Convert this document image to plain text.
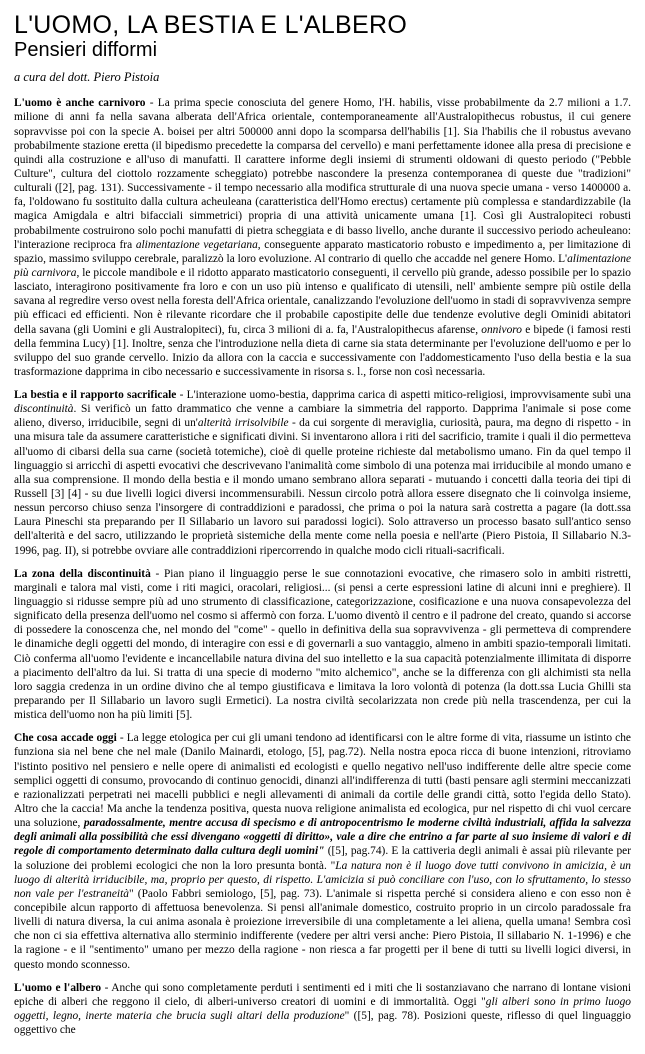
L'UOMO, LA BESTIA E L'ALBERO
Pensieri difformi
a cura del dott. Piero Pistoia

L'uomo è anche carnivoro - La prima specie conosciuta del genere Homo, l'H. habilis, visse probabilmente da 2.7 milioni a 1.7. milione di anni fa nella savana alberata dell'Africa orientale, contemporaneamente all'Australopithecus robustus, il cui genere sopravvisse poi con la specie A. boisei per altri 500000 anni dopo la scomparsa dell'habilis [1]. Sia l'habilis che il robustus avevano probabilmente stazione eretta (il bipedismo precedette la comparsa del cervello) e mani perfettamente idonee alla presa di precisione e quindi alla costruzione e all'uso di manufatti. Il carattere informe degli insiemi di strumenti oldowani di questo periodo ("Pebble Culture", cultura del ciottolo rozzamente scheggiato) potrebbe nascondere la presenza contemporanea di queste due "tradizioni" culturali ([2], pag. 131). Successivamente - il tempo necessario alla modifica strutturale di una nuova specie umana - verso 1400000 a. fa, l'oldowano fu sostituito dalla cultura acheuleana (caratteristica dell'Homo erectus) certamente più complessa e standardizzabile (la magica Amigdala e altri bifacciali simmetrici) propria di una attività unicamente umana [1]. Così gli Australopiteci robusti probabilmente costruirono solo pochi manufatti di pietra scheggiata e di basso livello, anche durante il successivo periodo acheuleano: l'interazione reciproca fra alimentazione vegetariana, conseguente apparato masticatorio robusto e impedimento a, per limitazione di spazio, massimo sviluppo cerebrale, paralizzò la loro evoluzione. Al contrario di quello che accadde nel genere Homo. L'alimentazione più carnivora, le piccole mandibole e il ridotto apparato masticatorio conseguenti, il cervello più grande, adesso possibile per lo spazio lasciato, interagirono positivamente fra loro e con un uso più intenso e qualificato di utensili, nell' ambiente sempre più ostile della savana al regredire verso ovest nella foresta dell'Africa orientale, canalizzando l'evoluzione dell'uomo in stadi di sopravvivenza sempre più efficaci ed efficienti. Non è rilevante ricordare che il probabile capostipite delle due tendenze evolutive degli Ominidi abitatori della savana (gli Uomini e gli Australopiteci), fu, circa 3 milioni di a. fa, l'Australopithecus afarense, onnivoro e bipede (i famosi resti della femmina Lucy) [1]. Inoltre, senza che l'introduzione nella dieta di carne sia stata determinante per l'evoluzione dell'uomo e per lo sviluppo del suo grande cervello. Inizio da allora con la caccia e successivamente con l'addomesticamento l'uso della bestia e la sua trasformazione dapprima in cibo necessario e successivamente in risorsa s. l., forse non così necessaria.

La bestia e il rapporto sacrificale - L'interazione uomo-bestia, dapprima carica di aspetti mitico-religiosi, improvvisamente subì una discontinuità. Si verificò un fatto drammatico che venne a cambiare la simmetria del rapporto. Dapprima l'animale si pose come alieno, diverso, irriducibile, segni di un'alterità irrisolvibile - da cui sorgente di meraviglia, curiosità, paura, ma degno di rispetto - in una misura tale da assumere caratteristiche e significati divini. Si inventarono allora i riti del sacrificio, tramite i quali il dio permetteva all'uomo di cibarsi della sua carne (società totemiche), cioè di quelle proteine richieste dal metabolismo umano. Fin da quel tempo il linguaggio si arricchì di aspetti evocativi che descrivevano l'animalità come simbolo di una potenza mai irriducibile al mondo umano e alla sua comprensione. Il mondo della bestia e il mondo umano sembrano allora separati - mutuando i concetti dalla teoria dei tipi di Russell [3] [4] - su due livelli logici diversi incommensurabili. Nessun circolo potrà allora essere disegnato che li coinvolga insieme, nessun percorso chiuso senza l'insorgere di contraddizioni e paradossi, che prima o poi la natura sarà costretta a pagare (la dott.ssa Laura Pineschi sta preparando per Il Sillabario un lavoro sui paradossi logici). Solo attraverso un processo basato sull'antico senso dell'alterità e del sacro, utilizzando le proprietà sistemiche della mente come nella poesia e nell'arte (Piero Pistoia, Il Sillabario N.3-1996, pag. II), si potrebbe ovviare alle contraddizioni ripercorrendo in qualche modo cicli rituali-sacrificali.

La zona della discontinuità - Pian piano il linguaggio perse le sue connotazioni evocative, che rimasero solo in ambiti ristretti, marginali e talora mal visti, come i riti magici, oracolari, religiosi... (si pensi a certe espressioni latine di alcuni inni e preghiere). Il linguaggio si ridusse sempre più ad uno strumento di classificazione, categorizzazione, cosificazione e una nuova consapevolezza del significato della presenza dell'uomo nel cosmo si affermò con forza. L'uomo diventò il centro e il padrone del creato, quando si accorse di possedere la conoscenza che, nel mondo del "come" - quello in definitiva della sua sopravvivenza - gli permetteva di comprendere le dinamiche degli oggetti del mondo, di interagire con essi e di governarli a suo vantaggio, almeno in ambiti spazio-temporali limitati. Ciò conferma all'uomo l'evidente e incancellabile natura divina del suo intelletto e la sua capacità potenzialmente illimitata di disporre a piacimento dell'altro da lui. Si tratta di una specie di moderno "mito alchemico", anche se la differenza con gli alchimisti sta nella loro saggia credenza in un ordine divino che al tempo giustificava e limitava la loro volontà di potenza (la dott.ssa Lucia Ghilli sta preparando per Il Sillabario un lavoro sugli Ermetici). La nostra civiltà secolarizzata non crede più nella trascendenza, per cui la mistica dell'uomo non ha più limiti [5].

Che cosa accade oggi - La legge etologica per cui gli umani tendono ad identificarsi con le altre forme di vita, riassume un istinto che funziona sia nel bene che nel male (Danilo Mainardi, etologo, [5], pag.72). Nella nostra epoca ricca di buone intenzioni, ritroviamo l'istinto positivo nel pensiero e nelle opere di animalisti ed ecologisti e quello negativo nell'uso indifferente delle altre specie come semplici oggetti di consumo, provocando di continuo genocidi, dinanzi all'indifferenza di tutti (basti pensare agli stermini meccanizzati e razionalizzati perpetrati nei macelli pubblici e negli allevamenti di animali da cortile delle grandi città, sotto l'egida dello Stato). Altro che la caccia! Ma anche la tendenza positiva, questa nuova religione animalista ed ecologica, pur nel rispetto di chi vuol cercare una soluzione, paradossalmente, mentre accusa di specismo e di antropocentrismo le moderne civiltà industriali, affida la salvezza degli animali alla possibilità che essi divengano «oggetti di diritto», vale a dire che entrino a far parte al suo insieme di valori e di regole di comportamento determinato dalla cultura degli uomini" ([5], pag.74). E la cattiveria degli animali è assai più rilevante per la soluzione dei problemi ecologici che non la loro presunta bontà. "La natura non è il luogo dove tutti convivono in amicizia, è un luogo di alterità irriducibile, ma, proprio per questo, di rispetto. L'amicizia si può conciliare con l'uso, con lo sfruttamento, lo stesso non vale per l'estraneità" (Paolo Fabbri semiologo, [5], pag. 73). L'animale si rispetta perché si considera alieno e con esso non è concepibile alcun rapporto di affettuosa benevolenza. Si pensi all'animale domestico, costruito proprio in un circolo paradossale fra livelli di natura diversa, la cui anima asonala è proiezione irreversibile di una completamente a lei aliena, quella umana! Sembra così che non ci sia effettiva alternativa allo sterminio indifferente (vedere per altri versi anche: Piero Pistoia, Il sillabario N. 1-1996) e che la ragione - e il "sentimento" umano per mezzo della ragione - non riesca a far progetti per il bene di tutti su livelli logici diversi, in questo mondo sconnesso.

L'uomo e l'albero - Anche qui sono completamente perduti i sentimenti ed i miti che li sostanziavano che narrano di lontane visioni epiche di alberi che reggono il cielo, di alberi-universo creatori di uomini e di immortalità. Oggi "gli alberi sono in primo luogo oggetti, legno, inerte materia che brucia sugli altari della produzione" ([5], pag. 78). Posizioni queste, riflesso di quel linguaggio oggettivo che
